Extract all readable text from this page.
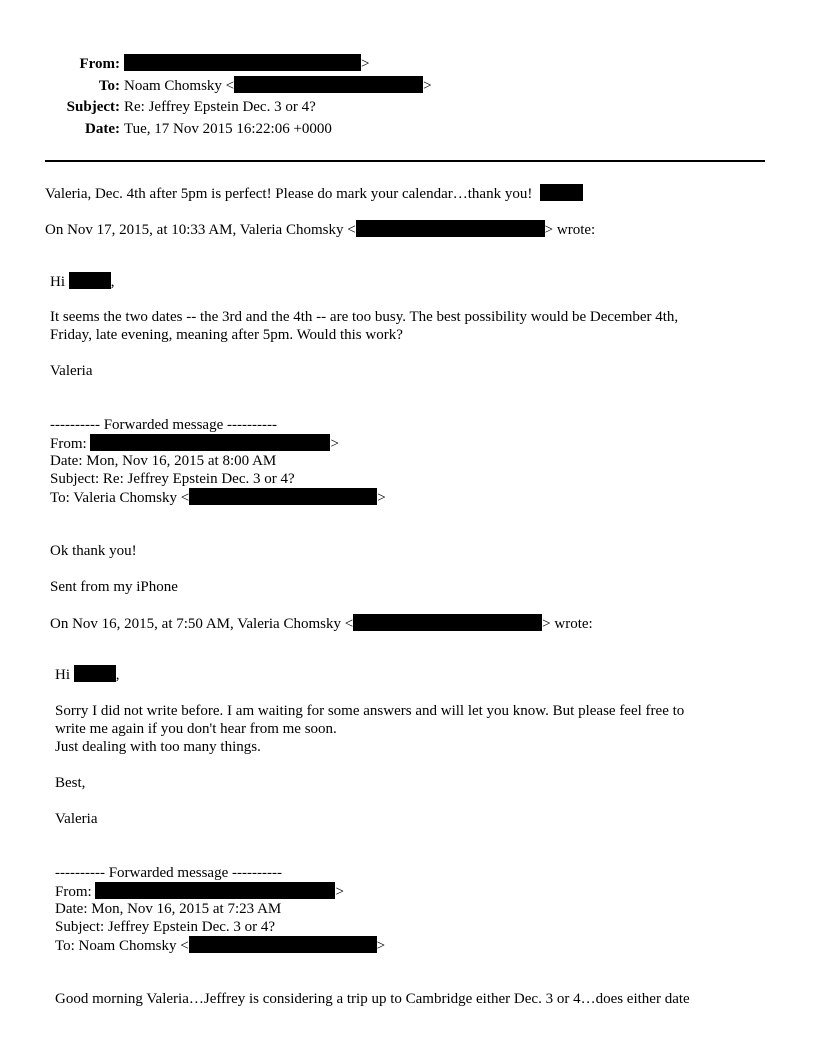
From:	>
To: Noam Chomsky <	>
Subject: Re: Jeffrey Epstein Dec. 3 or 4?
Date: Tue, 17 Nov 2015 16:22:06 +0000
Valeria, Dec. 4th after 5pm is perfect! Please do mark your calendar…thank you!
On Nov 17, 2015, at 10:33 AM, Valeria Chomsky <	> wrote:
Hi	,
It seems the two dates -- the 3rd and the 4th -- are too busy. The best possibility would be December 4th,
Friday, late evening, meaning after 5pm. Would this work?
Valeria
---------- Forwarded message ----------
From:	>
Date: Mon, Nov 16, 2015 at 8:00 AM
Subject: Re: Jeffrey Epstein Dec. 3 or 4?
To: Valeria Chomsky <	>
Ok thank you!
Sent from my iPhone
On Nov 16, 2015, at 7:50 AM, Valeria Chomsky <	> wrote:
Hi	,
Sorry I did not write before. I am waiting for some answers and will let you know. But please feel free to
write me again if you don't hear from me soon.
Just dealing with too many things.
Best,
Valeria
---------- Forwarded message ----------
From:	>
Date: Mon, Nov 16, 2015 at 7:23 AM
Subject: Jeffrey Epstein Dec. 3 or 4?
To: Noam Chomsky <	>
Good morning Valeria…Jeffrey is considering a trip up to Cambridge either Dec. 3 or 4…does either date
